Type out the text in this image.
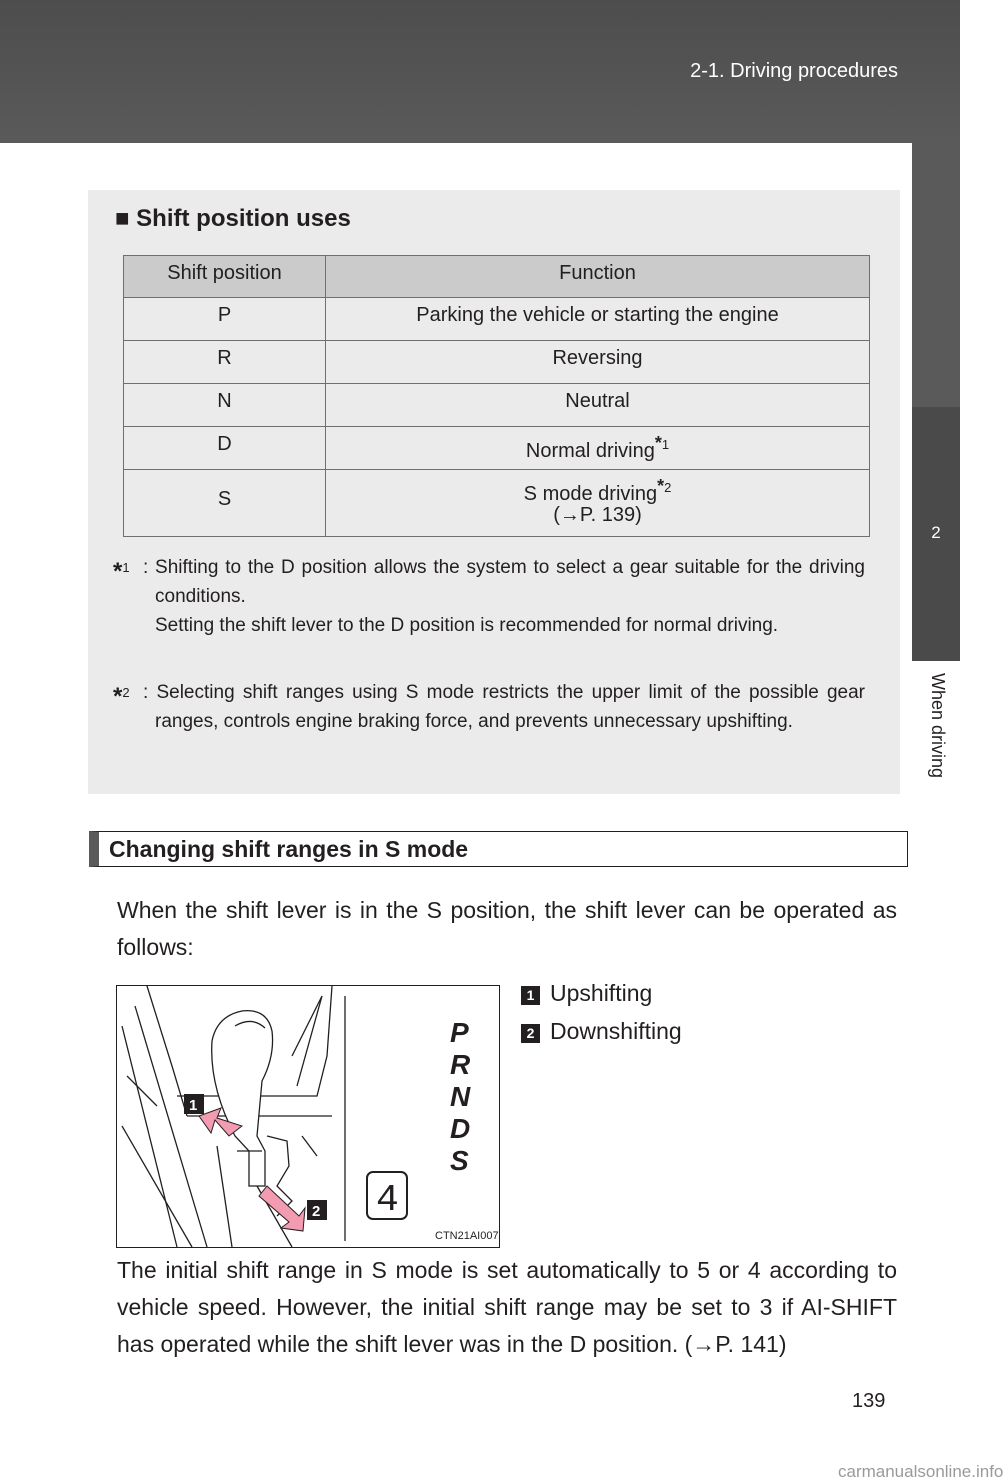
2-1. Driving procedures
2
When driving
■ Shift position uses
Shift position	Function
P	Parking the vehicle or starting the engine
R	Reversing
N	Neutral
D	Normal driving$^{*1}$

S	S mode driving$^{*2}$
(→P. 139)
*$^1$ : Shifting to the D position allows the system to select a gear suitable for the driving conditions.
Setting the shift lever to the D position is recommended for normal driving.
*$^2$ : Selecting shift ranges using S mode restricts the upper limit of the possible gear ranges, controls engine braking force, and prevents unnecessary upshifting.
Changing shift ranges in S mode
When the shift lever is in the S position, the shift lever can be operated as follows:
1
2
P
R
N
D
S
4
CTN21AI007
1 Upshifting
2 Downshifting
The initial shift range in S mode is set automatically to 5 or 4 according to vehicle speed. However, the initial shift range may be set to 3 if AI-SHIFT has operated while the shift lever was in the D position. (→P. 141)
139
carmanualsonline.info
